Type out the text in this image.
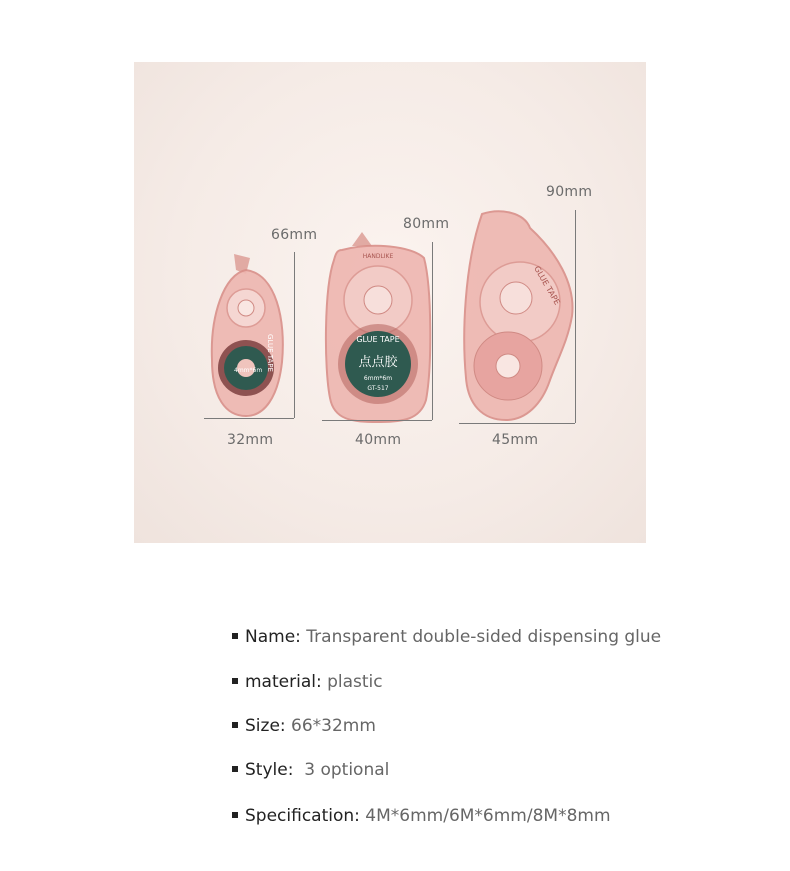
GLUE TAPE
4mm*6m
点点胶
GLUE TAPE
6mm*6m
GT-517
HANDLIKE
GLUE TAPE
66mm
32mm
80mm
40mm
90mm
45mm
Name: Transparent double-sided dispensing glue
material: plastic
Size: 66*32mm
Style:  3 optional
Specification: 4M*6mm/6M*6mm/8M*8mm
